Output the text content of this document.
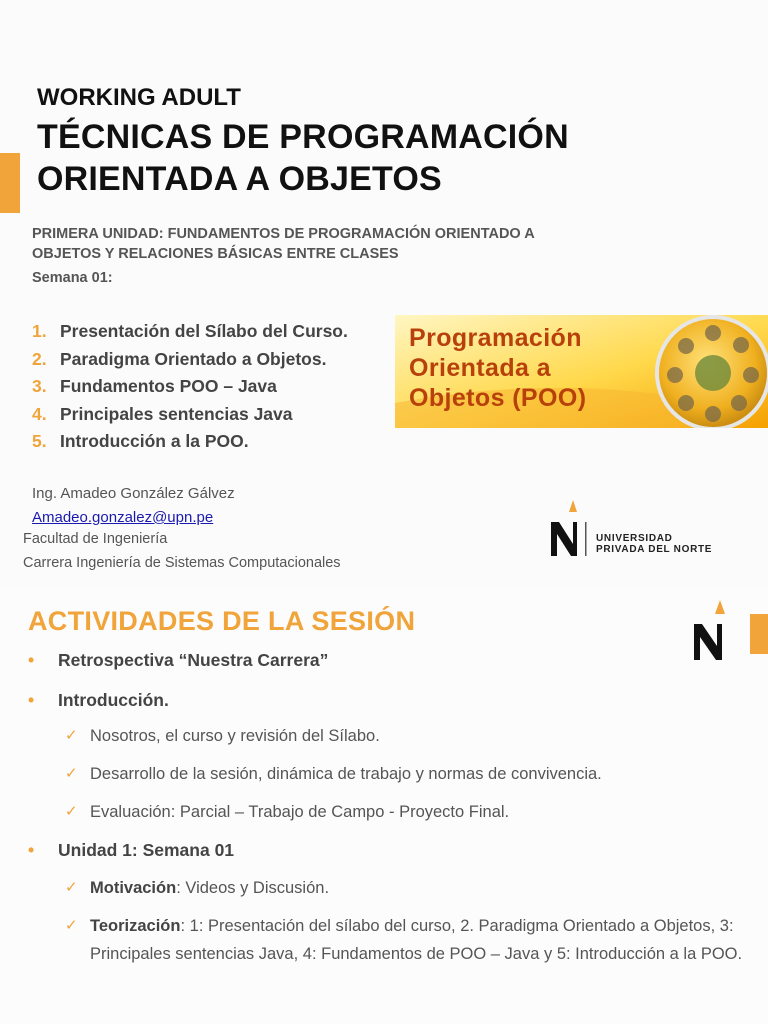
WORKING ADULT
TÉCNICAS DE PROGRAMACIÓN
ORIENTADA A OBJETOS
PRIMERA UNIDAD: FUNDAMENTOS DE PROGRAMACIÓN ORIENTADO A
OBJETOS Y RELACIONES BÁSICAS ENTRE CLASES
Semana 01:
1. Presentación del Sílabo del Curso.
2. Paradigma Orientado a Objetos.
3. Fundamentos POO – Java
4. Principales sentencias Java
5. Introducción a la POO.
Programación
Orientada a
Objetos (POO)
Ing. Amadeo González Gálvez
Amadeo.gonzalez@upn.pe
Facultad de Ingeniería
Carrera Ingeniería de Sistemas Computacionales
UNIVERSIDAD
PRIVADA DEL NORTE
ACTIVIDADES DE LA SESIÓN
• Retrospectiva “Nuestra Carrera”
• Introducción.
✓ Nosotros, el curso y revisión del Sílabo.
✓ Desarrollo de la sesión, dinámica de trabajo y normas de convivencia.
✓ Evaluación: Parcial – Trabajo de Campo - Proyecto Final.
• Unidad 1: Semana 01
✓ Motivación: Videos y Discusión.
✓ Teorización: 1: Presentación del sílabo del curso, 2. Paradigma Orientado a Objetos, 3: Principales sentencias Java, 4: Fundamentos de POO – Java y 5: Introducción a la POO.
